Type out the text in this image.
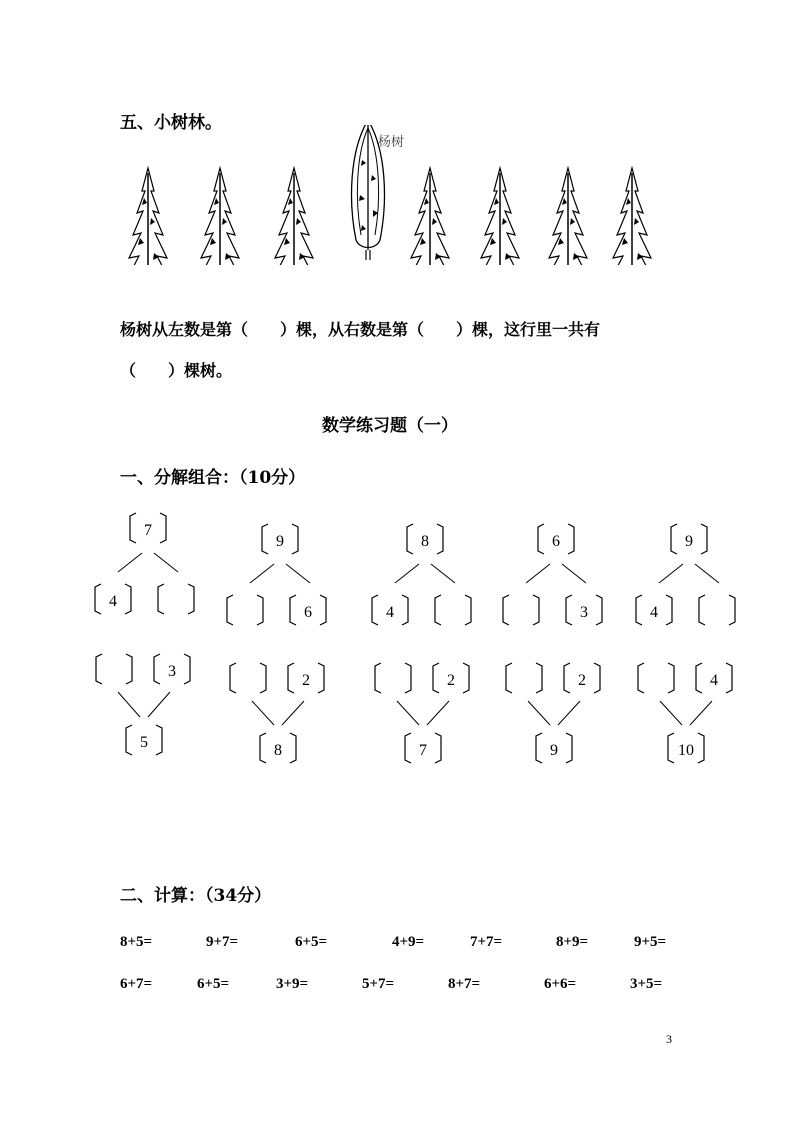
五、小树林。
杨树
杨树从左数是第（　　）棵，从右数是第（　　）棵，这行里一共有
（　　）棵树。
数学练习题（一）
一、分解组合：（10分）
7
4
9
6
8
4
6
3
9
4
3
5
2
8
2
7
2
9
4
10
二、计算：（34分）
8+5=	9+7=	6+5=	4+9=	7+7=	8+9=	9+5=
6+7=	6+5=	3+9=	5+7=	8+7=	6+6=	3+5=
3
